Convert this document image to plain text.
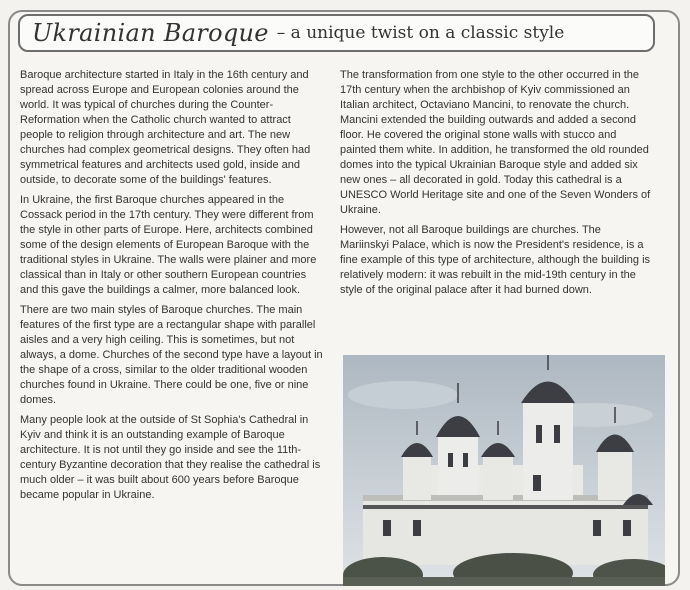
Ukrainian Baroque – a unique twist on a classic style

Baroque architecture started in Italy in the 16th century and spread across Europe and European colonies around the world. It was typical of churches during the Counter-Reformation when the Catholic church wanted to attract people to religion through architecture and art. The new churches had complex geometrical designs. They often had symmetrical features and architects used gold, inside and outside, to decorate some of the buildings' features.

In Ukraine, the first Baroque churches appeared in the Cossack period in the 17th century. They were different from the style in other parts of Europe. Here, architects combined some of the design elements of European Baroque with the traditional styles in Ukraine. The walls were plainer and more classical than in Italy or other southern European countries and this gave the buildings a calmer, more balanced look.

There are two main styles of Baroque churches. The main features of the first type are a rectangular shape with parallel aisles and a very high ceiling. This is sometimes, but not always, a dome. Churches of the second type have a layout in the shape of a cross, similar to the older traditional wooden churches found in Ukraine. There could be one, five or nine domes.

Many people look at the outside of St Sophia's Cathedral in Kyiv and think it is an outstanding example of Baroque architecture. It is not until they go inside and see the 11th-century Byzantine decoration that they realise the cathedral is much older – it was built about 600 years before Baroque became popular in Ukraine.

The transformation from one style to the other occurred in the 17th century when the archbishop of Kyiv commissioned an Italian architect, Octaviano Mancini, to renovate the church. Mancini extended the building outwards and added a second floor. He covered the original stone walls with stucco and painted them white. In addition, he transformed the old rounded domes into the typical Ukrainian Baroque style and added six new ones – all decorated in gold. Today this cathedral is a UNESCO World Heritage site and one of the Seven Wonders of Ukraine.

However, not all Baroque buildings are churches. The Mariinskyi Palace, which is now the President's residence, is a fine example of this type of architecture, although the building is relatively modern: it was rebuilt in the mid-19th century in the style of the original palace after it had burned down.
